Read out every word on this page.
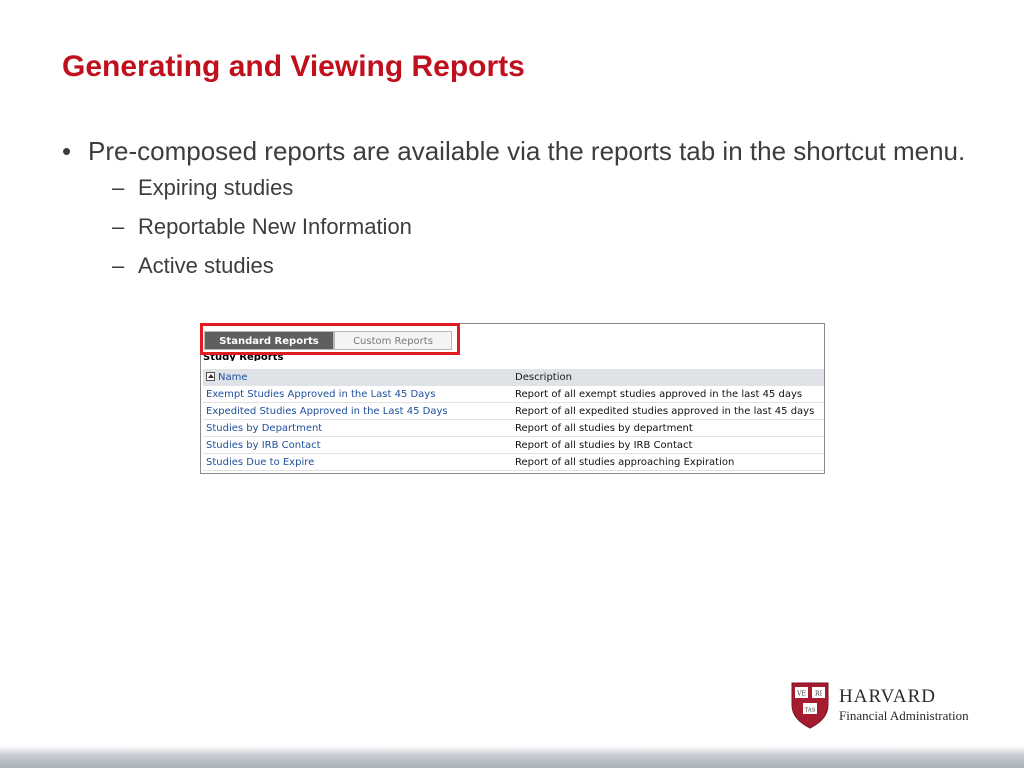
Generating and Viewing Reports
• Pre-composed reports are available via the reports tab in the shortcut menu.
– Expiring studies
– Reportable New Information
– Active studies
Standard Reports	Custom Reports
Study Reports
Name	Description
Exempt Studies Approved in the Last 45 Days	Report of all exempt studies approved in the last 45 days
Expedited Studies Approved in the Last 45 Days	Report of all expedited studies approved in the last 45 days
Studies by Department	Report of all studies by department
Studies by IRB Contact	Report of all studies by IRB Contact
Studies Due to Expire	Report of all studies approaching Expiration
VE RI
TAS
HARVARD
Financial Administration
